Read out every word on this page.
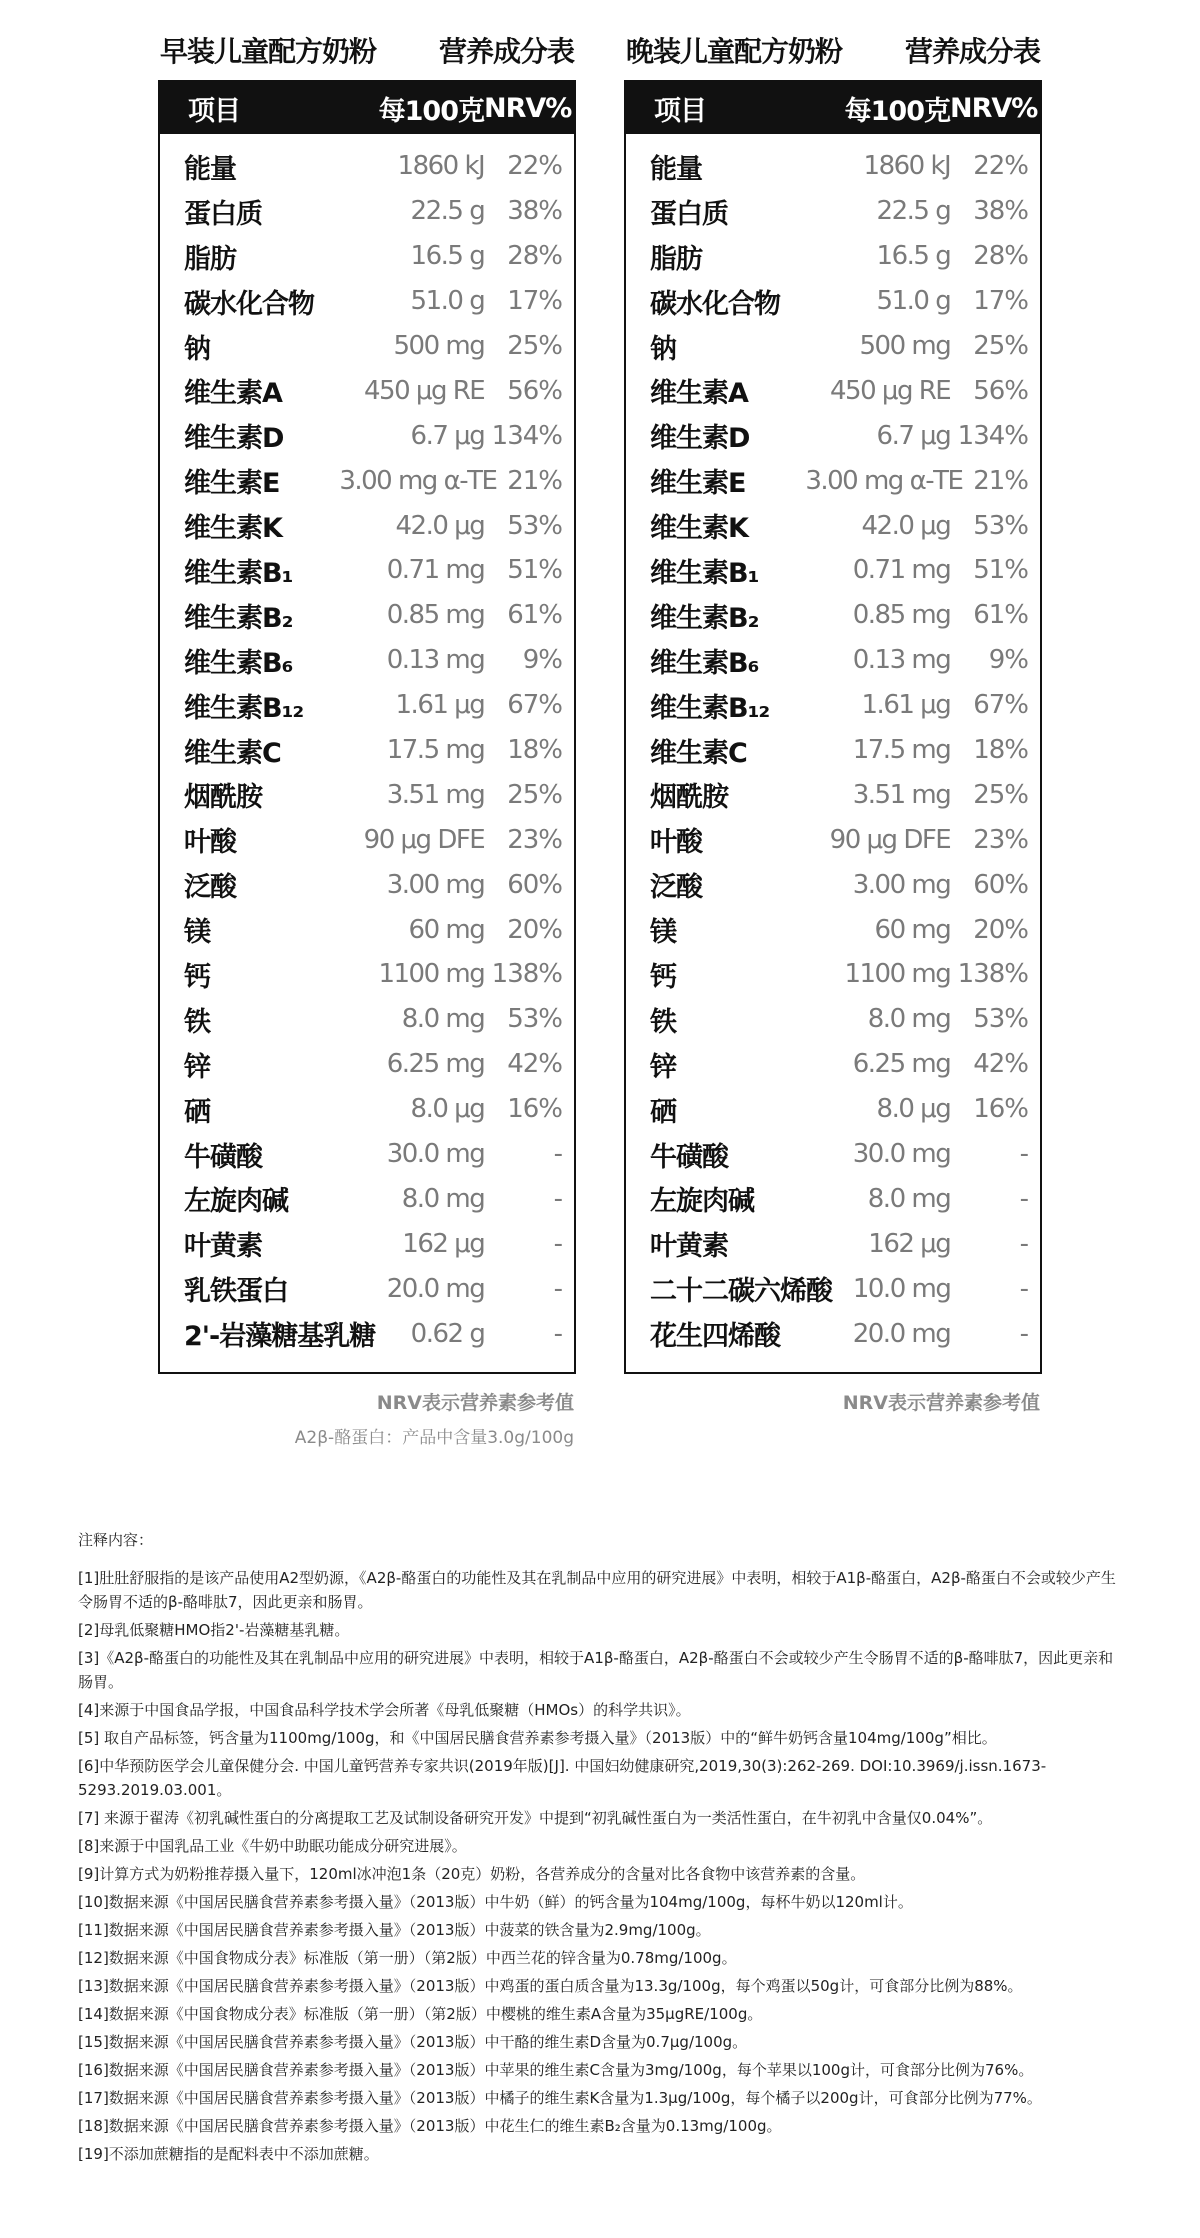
早装儿童配方奶粉 营养成分表
项目	每100克 NRV%
能量	1860 kJ 22%
蛋白质	22.5 g 38%
脂肪	16.5 g 28%
碳水化合物	51.0 g 17%
钠	500 mg 25%
维生素A	450 μg RE 56%
维生素D	6.7 μg 134%
维生素E	3.00 mg α-TE 21%
维生素K	42.0 μg 53%
维生素B₁	0.71 mg 51%
维生素B₂	0.85 mg 61%
维生素B₆	0.13 mg	9%
维生素B₁₂	1.61 μg 67%
维生素C	17.5 mg 18%
烟酰胺	3.51 mg 25%
叶酸	90 μg DFE 23%
泛酸	3.00 mg 60%
镁	60 mg 20%
钙	1100 mg 138%
铁	8.0 mg 53%
锌	6.25 mg 42%
硒	8.0 μg 16%
牛磺酸	30.0 mg	-
左旋肉碱	8.0 mg	-
叶黄素	162 μg	-
乳铁蛋白	20.0 mg	-
2'-岩藻糖基乳糖	0.62 g	-
NRV表示营养素参考值
A2β-酪蛋白：产品中含量3.0g/100g
晚装儿童配方奶粉 营养成分表
项目	每100克 NRV%
能量	1860 kJ 22%
蛋白质	22.5 g 38%
脂肪	16.5 g 28%
碳水化合物	51.0 g 17%
钠	500 mg 25%
维生素A	450 μg RE 56%
维生素D	6.7 μg 134%
维生素E	3.00 mg α-TE 21%
维生素K	42.0 μg 53%
维生素B₁	0.71 mg 51%
维生素B₂	0.85 mg 61%
维生素B₆	0.13 mg	9%
维生素B₁₂	1.61 μg 67%
维生素C	17.5 mg 18%
烟酰胺	3.51 mg 25%
叶酸	90 μg DFE 23%
泛酸	3.00 mg 60%
镁	60 mg 20%
钙	1100 mg 138%
铁	8.0 mg 53%
锌	6.25 mg 42%
硒	8.0 μg 16%
牛磺酸	30.0 mg	-
左旋肉碱	8.0 mg	-
叶黄素	162 μg	-
二十二碳六烯酸 10.0 mg	-
花生四烯酸	20.0 mg	-
NRV表示营养素参考值
注释内容：
[1]肚肚舒服指的是该产品使用A2型奶源，《A2β-酪蛋白的功能性及其在乳制品中应用的研究进展》中表明，相较于A1β-酪蛋白，A2β-酪蛋白不会或较少产生令肠胃不适的β-酪啡肽7，因此更亲和肠胃。
[2]母乳低聚糖HMO指2'-岩藻糖基乳糖。
[3]《A2β-酪蛋白的功能性及其在乳制品中应用的研究进展》中表明，相较于A1β-酪蛋白，A2β-酪蛋白不会或较少产生令肠胃不适的β-酪啡肽7，因此更亲和肠胃。
[4]来源于中国食品学报，中国食品科学技术学会所著《母乳低聚糖（HMOs）的科学共识》。
[5] 取自产品标签，钙含量为1100mg/100g，和《中国居民膳食营养素参考摄入量》（2013版）中的“鲜牛奶钙含量104mg/100g”相比。
[6]中华预防医学会儿童保健分会. 中国儿童钙营养专家共识(2019年版)[J]. 中国妇幼健康研究,2019,30(3):262-269. DOI:10.3969/j.issn.1673-5293.2019.03.001。
[7] 来源于翟涛《初乳碱性蛋白的分离提取工艺及试制设备研究开发》中提到“初乳碱性蛋白为一类活性蛋白，在牛初乳中含量仅0.04%”。
[8]来源于中国乳品工业《牛奶中助眠功能成分研究进展》。
[9]计算方式为奶粉推荐摄入量下，120ml冰冲泡1条（20克）奶粉，各营养成分的含量对比各食物中该营养素的含量。
[10]数据来源《中国居民膳食营养素参考摄入量》（2013版）中牛奶（鲜）的钙含量为104mg/100g，每杯牛奶以120ml计。
[11]数据来源《中国居民膳食营养素参考摄入量》（2013版）中菠菜的铁含量为2.9mg/100g。
[12]数据来源《中国食物成分表》标准版（第一册）（第2版）中西兰花的锌含量为0.78mg/100g。
[13]数据来源《中国居民膳食营养素参考摄入量》（2013版）中鸡蛋的蛋白质含量为13.3g/100g，每个鸡蛋以50g计，可食部分比例为88%。
[14]数据来源《中国食物成分表》标准版（第一册）（第2版）中樱桃的维生素A含量为35μgRE/100g。
[15]数据来源《中国居民膳食营养素参考摄入量》（2013版）中干酪的维生素D含量为0.7μg/100g。
[16]数据来源《中国居民膳食营养素参考摄入量》（2013版）中苹果的维生素C含量为3mg/100g，每个苹果以100g计，可食部分比例为76%。
[17]数据来源《中国居民膳食营养素参考摄入量》（2013版）中橘子的维生素K含量为1.3μg/100g，每个橘子以200g计，可食部分比例为77%。
[18]数据来源《中国居民膳食营养素参考摄入量》（2013版）中花生仁的维生素B₂含量为0.13mg/100g。
[19]不添加蔗糖指的是配料表中不添加蔗糖。
